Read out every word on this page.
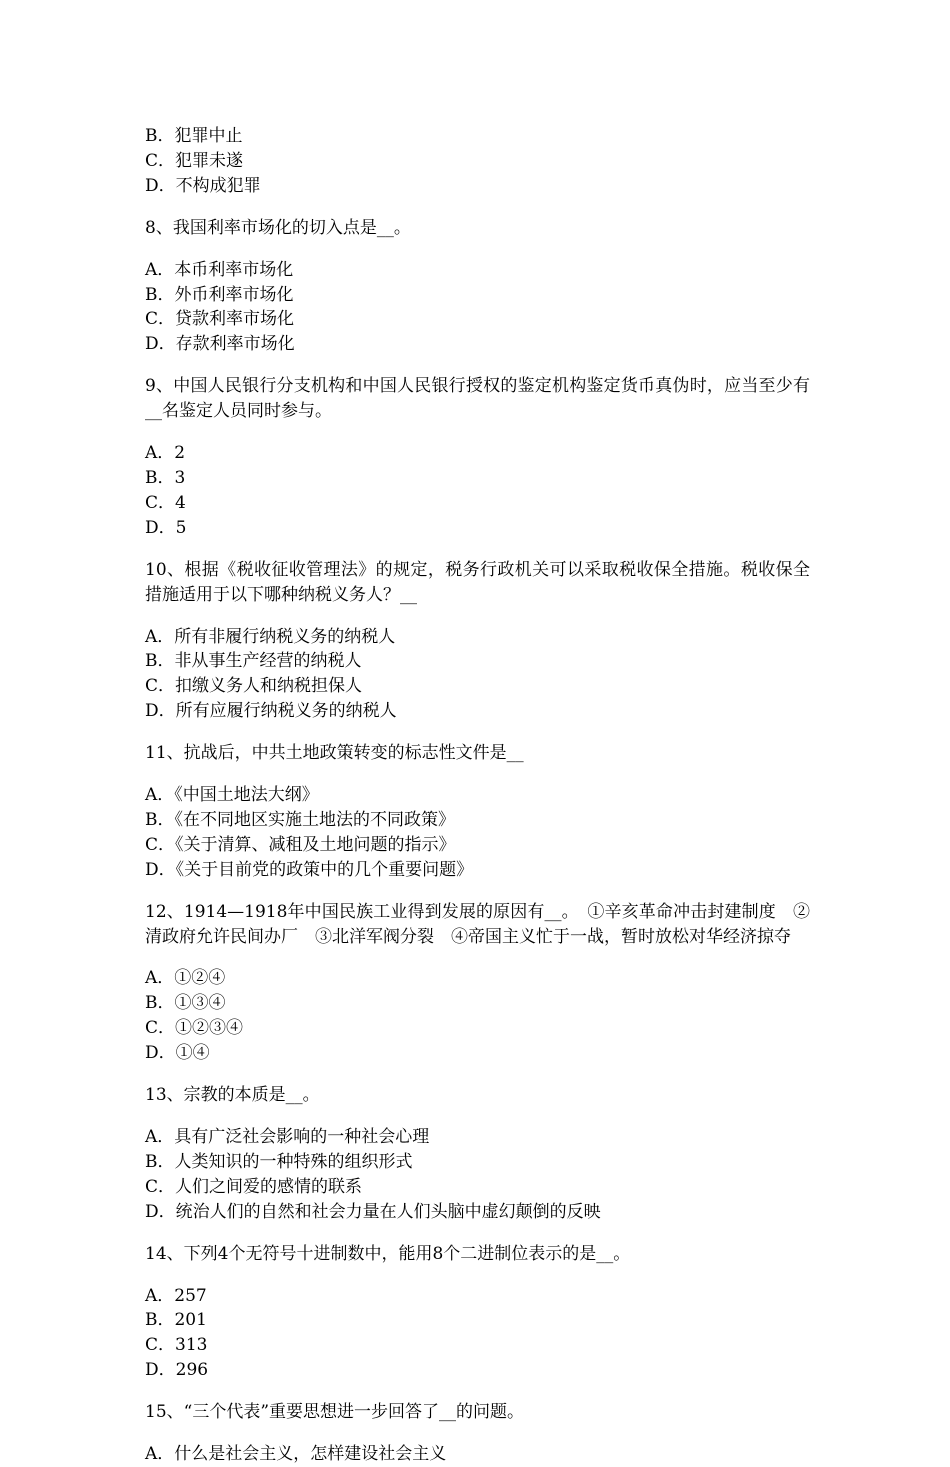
B．犯罪中止

C．犯罪未遂

D．不构成犯罪

8、我国利率市场化的切入点是__。

A．本币利率市场化

B．外币利率市场化

C．贷款利率市场化

D．存款利率市场化

9、中国人民银行分支机构和中国人民银行授权的鉴定机构鉴定货币真伪时，应当至少有__名鉴定人员同时参与。

A．2

B．3

C．4

D．5

10、根据《税收征收管理法》的规定，税务行政机关可以采取税收保全措施。税收保全措施适用于以下哪种纳税义务人？__

A．所有非履行纳税义务的纳税人

B．非从事生产经营的纳税人

C．扣缴义务人和纳税担保人

D．所有应履行纳税义务的纳税人

11、抗战后，中共土地政策转变的标志性文件是__

A．《中国土地法大纲》

B．《在不同地区实施土地法的不同政策》

C．《关于清算、减租及土地问题的指示》

D．《关于目前党的政策中的几个重要问题》

12、1914—1918年中国民族工业得到发展的原因有__。　①辛亥革命冲击封建制度　②清政府允许民间办厂　③北洋军阀分裂　④帝国主义忙于一战，暂时放松对华经济掠夺

A．①②④

B．①③④

C．①②③④

D．①④

13、宗教的本质是__。

A．具有广泛社会影响的一种社会心理

B．人类知识的一种特殊的组织形式

C．人们之间爱的感情的联系

D．统治人们的自然和社会力量在人们头脑中虚幻颠倒的反映

14、下列4个无符号十进制数中，能用8个二进制位表示的是__。

A．257

B．201

C．313

D．296

15、“三个代表”重要思想进一步回答了__的问题。

A．什么是社会主义，怎样建设社会主义
